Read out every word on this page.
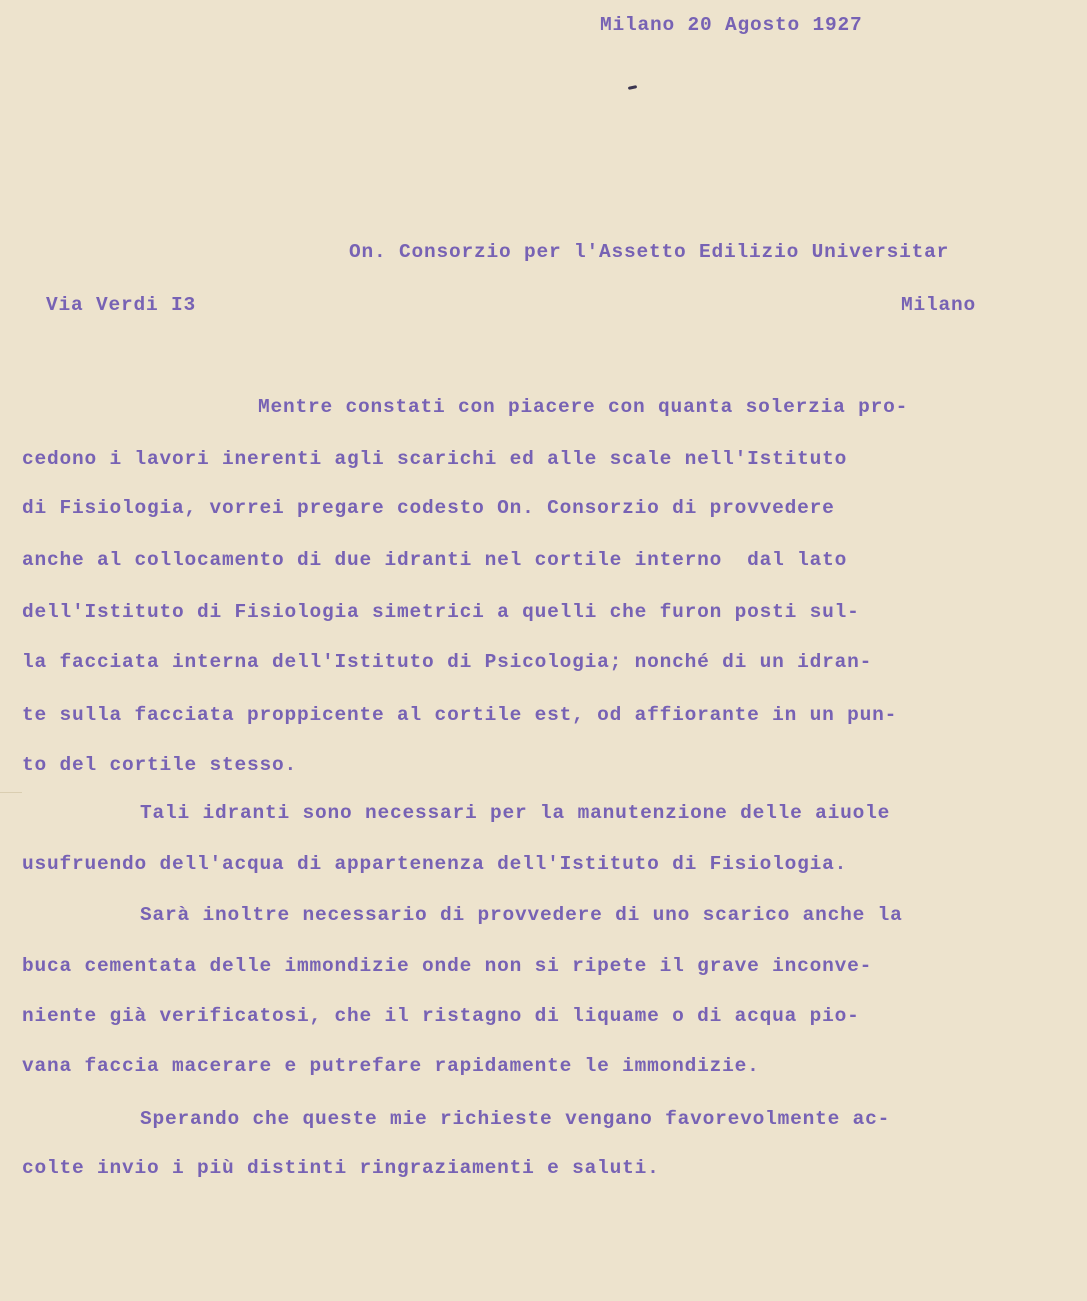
Milano 20 Agosto 1927

On. Consorzio per l'Assetto Edilizio Universitar

Via Verdi I3	Milano

Mentre constati con piacere con quanta solerzia pro-

cedono i lavori inerenti agli scarichi ed alle scale nell'Istituto

di Fisiologia, vorrei pregare codesto On. Consorzio di provvedere

anche al collocamento di due idranti nel cortile interno  dal lato

dell'Istituto di Fisiologia simetrici a quelli che furon posti sul-

la facciata interna dell'Istituto di Psicologia; nonché di un idran-

te sulla facciata proppicente al cortile est, od affiorante in un pun-

to del cortile stesso.

Tali idranti sono necessari per la manutenzione delle aiuole

usufruendo dell'acqua di appartenenza dell'Istituto di Fisiologia.

Sarà inoltre necessario di provvedere di uno scarico anche la

buca cementata delle immondizie onde non si ripete il grave inconve-

niente già verificatosi, che il ristagno di liquame o di acqua pio-

vana faccia macerare e putrefare rapidamente le immondizie.

Sperando che queste mie richieste vengano favorevolmente ac-

colte invio i più distinti ringraziamenti e saluti.
